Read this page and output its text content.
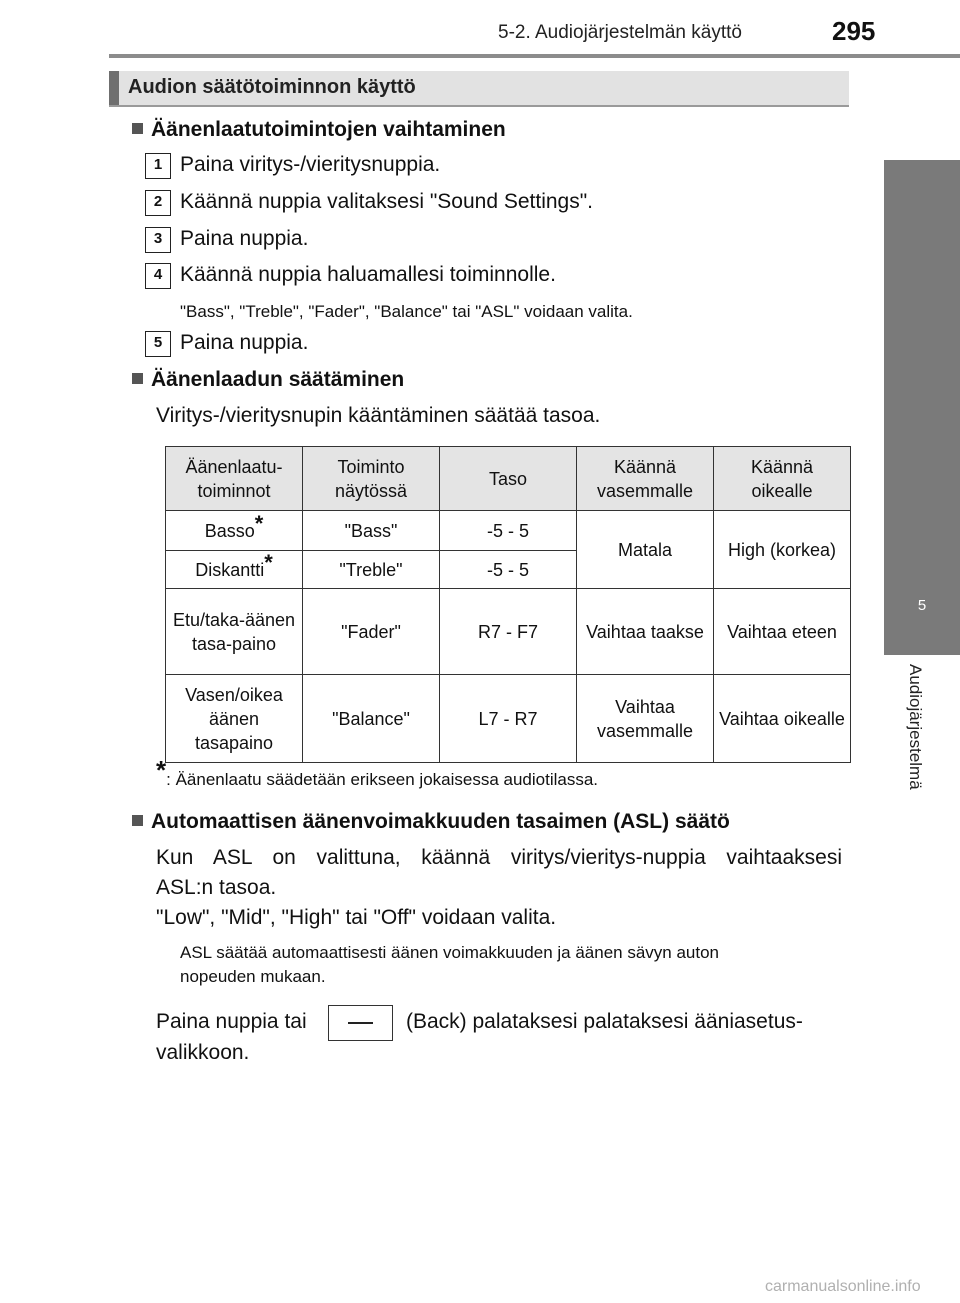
5-2. Audiojärjestelmän käyttö	295
5
Audiojärjestelmä
Audion säätötoiminnon käyttö
Äänenlaatutoimintojen vaihtaminen
1 Paina viritys-/vieritysnuppia.
2 Käännä nuppia valitaksesi "Sound Settings".
3 Paina nuppia.
4 Käännä nuppia haluamallesi toiminnolle.
"Bass", "Treble", "Fader", "Balance" tai "ASL" voidaan valita.
5 Paina nuppia.
Äänenlaadun säätäminen
Viritys-/vieritysnupin kääntäminen säätää tasoa.
Äänenlaatu-toiminnot	Toiminto näytössä	Taso	Käännä vasemmalle	Käännä oikealle
Basso*	"Bass"	-5 - 5	Matala	High (korkea)
Diskantti*	"Treble"	-5 - 5		
Etu/taka-äänen tasa-paino	"Fader"	R7 - F7	Vaihtaa taakse	Vaihtaa eteen
Vasen/oikea äänen tasapaino	"Balance"	L7 - R7	Vaihtaa vasemmalle	Vaihtaa oikealle
*: Äänenlaatu säädetään erikseen jokaisessa audiotilassa.
Automaattisen äänenvoimakkuuden tasaimen (ASL) säätö
Kun ASL on valittuna, käännä viritys/vieritys-nuppia vaihtaaksesi
ASL:n tasoa.
"Low", "Mid", "High" tai "Off" voidaan valita.
ASL säätää automaattisesti äänen voimakkuuden ja äänen sävyn auton
nopeuden mukaan.
Paina nuppia tai	(Back) palataksesi palataksesi ääniasetus-
valikkoon.
carmanualsonline.info
